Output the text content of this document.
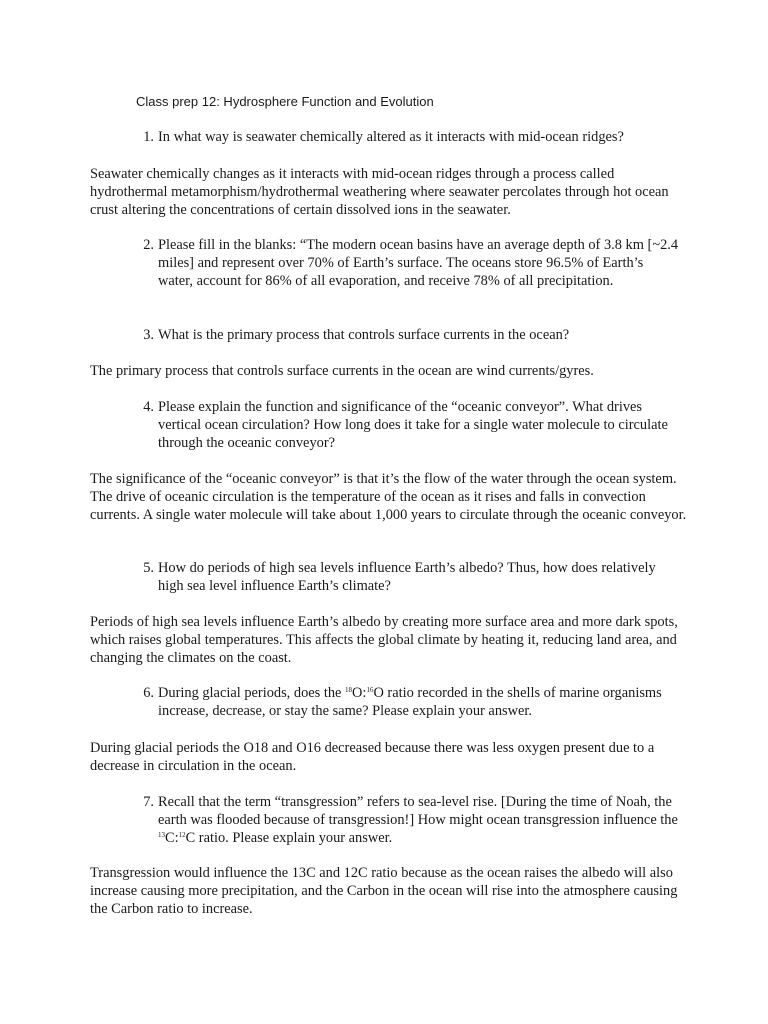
Class prep 12: Hydrosphere Function and Evolution
1. In what way is seawater chemically altered as it interacts with mid-ocean ridges?
Seawater chemically changes as it interacts with mid-ocean ridges through a process called hydrothermal metamorphism/hydrothermal weathering where seawater percolates through hot ocean crust altering the concentrations of certain dissolved ions in the seawater.
2. Please fill in the blanks: “The modern ocean basins have an average depth of 3.8 km [~2.4 miles] and represent over 70% of Earth’s surface. The oceans store 96.5% of Earth’s water, account for 86% of all evaporation, and receive 78% of all precipitation.
3. What is the primary process that controls surface currents in the ocean?
The primary process that controls surface currents in the ocean are wind currents/gyres.
4. Please explain the function and significance of the “oceanic conveyor”. What drives vertical ocean circulation? How long does it take for a single water molecule to circulate through the oceanic conveyor?
The significance of the “oceanic conveyor” is that it’s the flow of the water through the ocean system. The drive of oceanic circulation is the temperature of the ocean as it rises and falls in convection currents. A single water molecule will take about 1,000 years to circulate through the oceanic conveyor.
5. How do periods of high sea levels influence Earth’s albedo? Thus, how does relatively high sea level influence Earth’s climate?
Periods of high sea levels influence Earth’s albedo by creating more surface area and more dark spots, which raises global temperatures. This affects the global climate by heating it, reducing land area, and changing the climates on the coast.
6. During glacial periods, does the $^{18}$O:$^{16}$O ratio recorded in the shells of marine organisms increase, decrease, or stay the same? Please explain your answer.
During glacial periods the O18 and O16 decreased because there was less oxygen present due to a decrease in circulation in the ocean.
7. Recall that the term “transgression” refers to sea-level rise. [During the time of Noah, the earth was flooded because of transgression!] How might ocean transgression influence the $^{13}$C:$^{12}$C ratio. Please explain your answer.
Transgression would influence the 13C and 12C ratio because as the ocean raises the albedo will also increase causing more precipitation, and the Carbon in the ocean will rise into the atmosphere causing the Carbon ratio to increase.
